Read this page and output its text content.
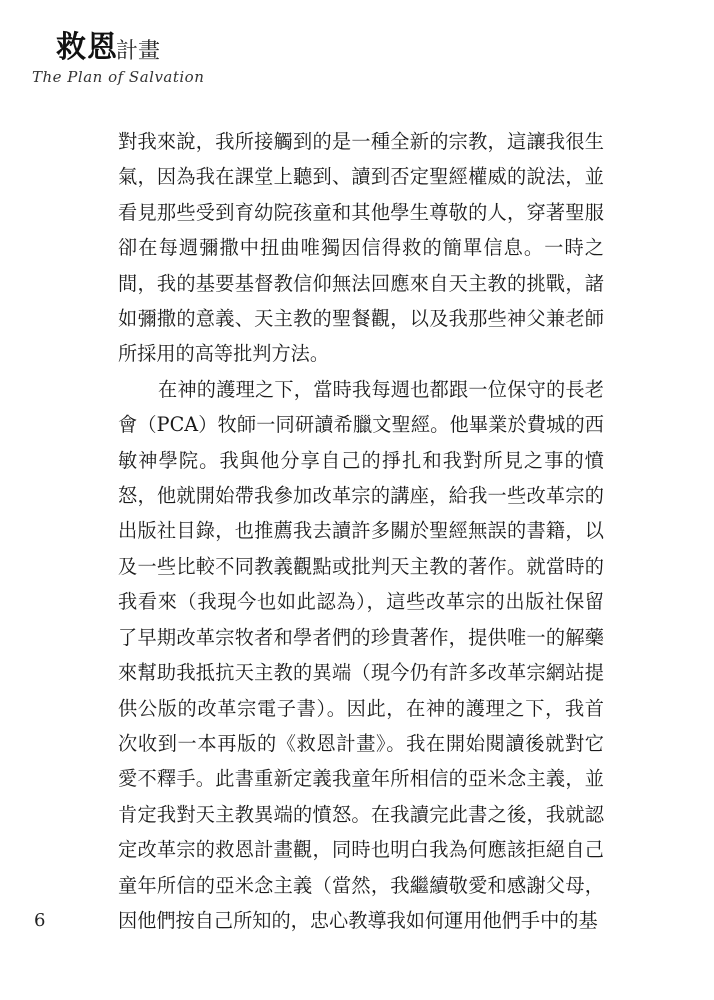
救恩
計畫
The Plan of Salvation

對我來說，我所接觸到的是一種全新的宗教，這讓我很生氣，因為我在課堂上聽到、讀到否定聖經權威的說法，並看見那些受到育幼院孩童和其他學生尊敬的人，穿著聖服卻在每週彌撒中扭曲唯獨因信得救的簡單信息。一時之間，我的基要基督教信仰無法回應來自天主教的挑戰，諸如彌撒的意義、天主教的聖餐觀，以及我那些神父兼老師所採用的高等批判方法。

在神的護理之下，當時我每週也都跟一位保守的長老會（PCA）牧師一同研讀希臘文聖經。他畢業於費城的西敏神學院。我與他分享自己的掙扎和我對所見之事的憤怒，他就開始帶我參加改革宗的講座，給我一些改革宗的出版社目錄，也推薦我去讀許多關於聖經無誤的書籍，以及一些比較不同教義觀點或批判天主教的著作。就當時的我看來（我現今也如此認為），這些改革宗的出版社保留了早期改革宗牧者和學者們的珍貴著作，提供唯一的解藥來幫助我抵抗天主教的異端（現今仍有許多改革宗網站提供公版的改革宗電子書）。因此，在神的護理之下，我首次收到一本再版的《救恩計畫》。我在開始閱讀後就對它愛不釋手。此書重新定義我童年所相信的亞米念主義，並肯定我對天主教異端的憤怒。在我讀完此書之後，我就認定改革宗的救恩計畫觀，同時也明白我為何應該拒絕自己童年所信的亞米念主義（當然，我繼續敬愛和感謝父母，因他們按自己所知的，忠心教導我如何運用他們手中的基

6
